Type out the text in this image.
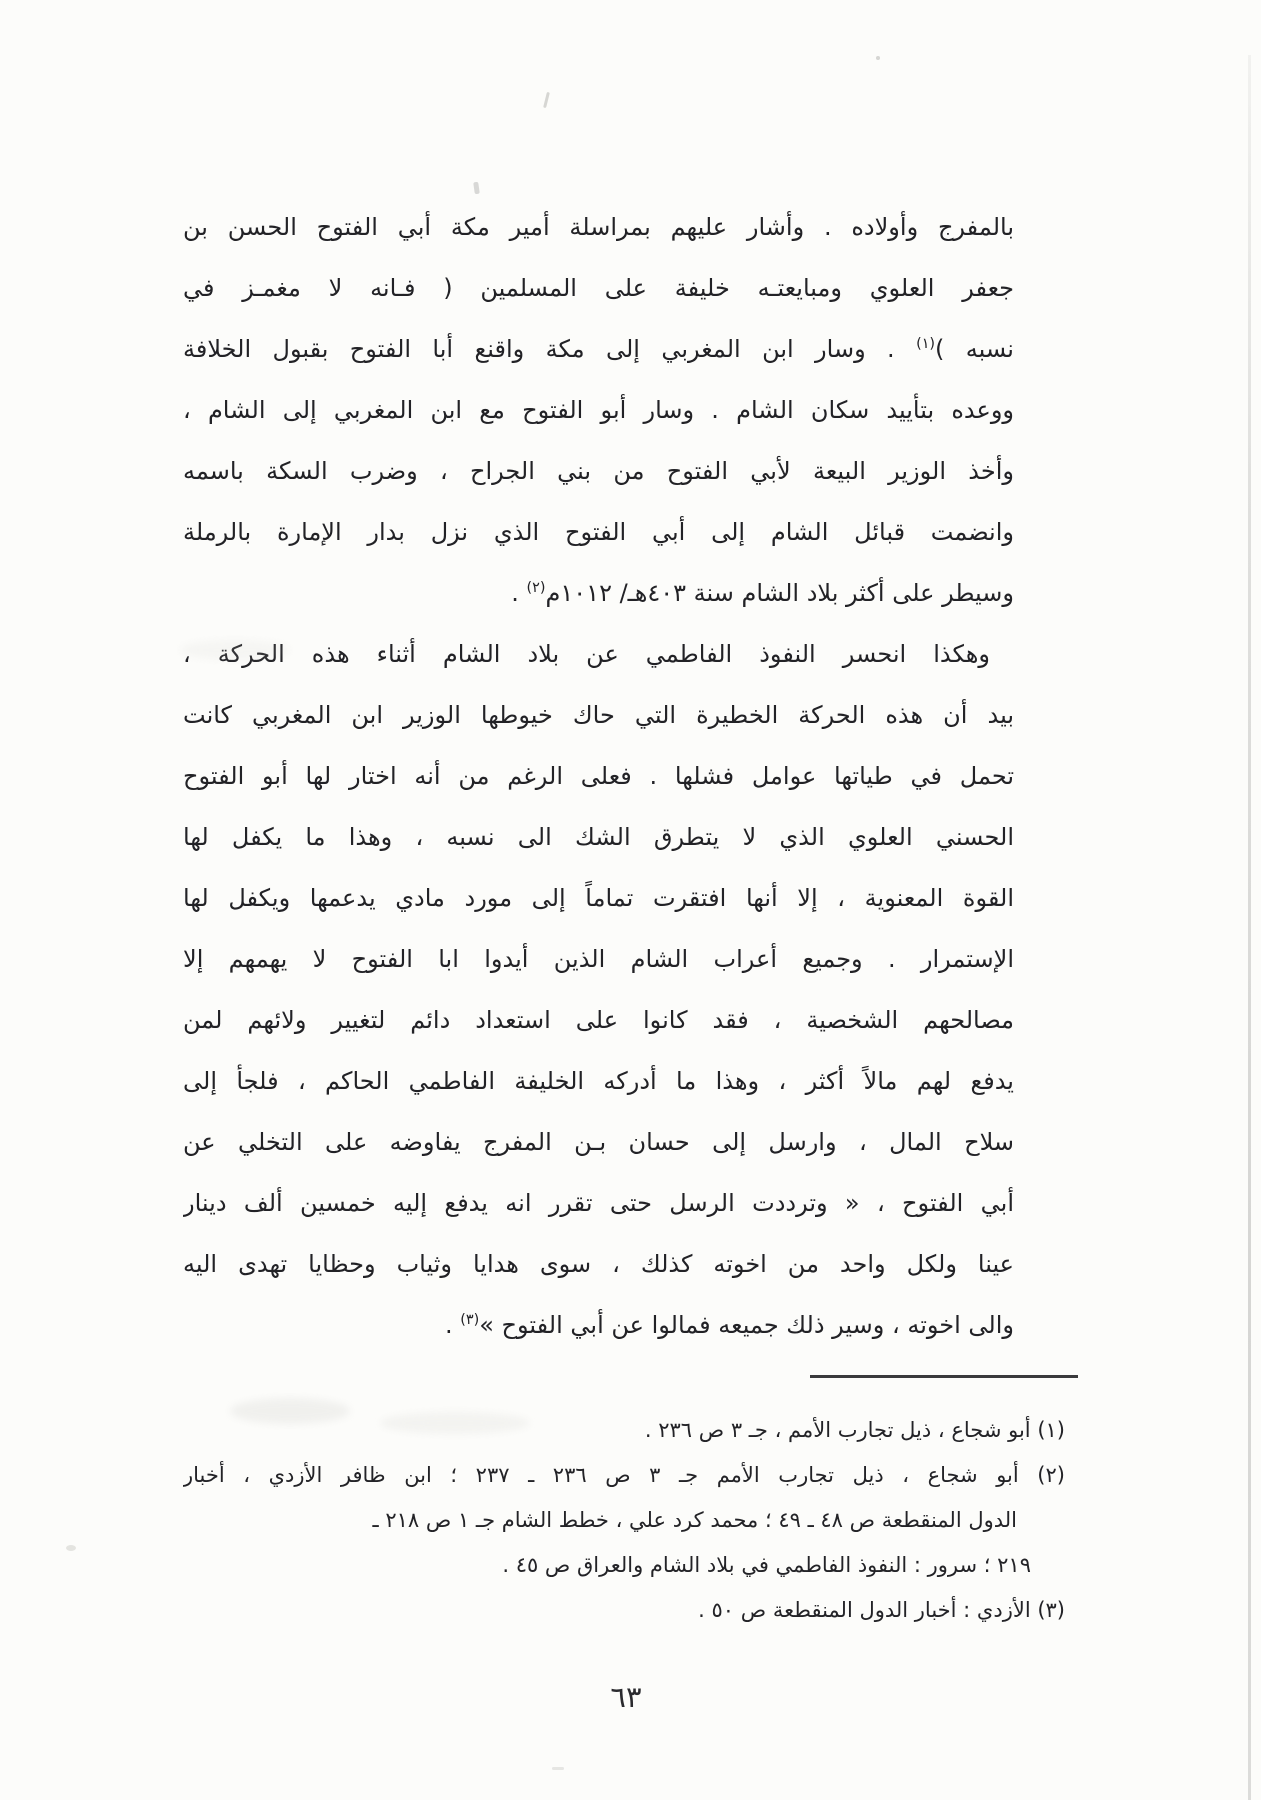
بالمفرج وأولاده . وأشار عليهم بمراسلة أمير مكة أبي الفتوح الحسن بن
جعفر العلوي ومبايعتـه خليفة على المسلمين ( فـانه لا مغمـز في
نسبه )$^{(١)}$ . وسار ابن المغربي إلى مكة واقنع أبا الفتوح بقبول الخلافة
ووعده بتأييد سكان الشام . وسار أبو الفتوح مع ابن المغربي إلى الشام ،
وأخذ الوزير البيعة لأبي الفتوح من بني الجراح ، وضرب السكة باسمه
وانضمت قبائل الشام إلى أبي الفتوح الذي نزل بدار الإمارة بالرملة
وسيطر على أكثر بلاد الشام سنة ٤٠٣هـ/ ١٠١٢م$^{(٢)}$ .
وهكذا انحسر النفوذ الفاطمي عن بلاد الشام أثناء هذه الحركة ،
بيد أن هذه الحركة الخطيرة التي حاك خيوطها الوزير ابن المغربي كانت
تحمل في طياتها عوامل فشلها . فعلى الرغم من أنه اختار لها أبو الفتوح
الحسني العلوي الذي لا يتطرق الشك الى نسبه ، وهذا ما يكفل لها
القوة المعنوية ، إلا أنها افتقرت تماماً إلى مورد مادي يدعمها ويكفل لها
الإستمرار . وجميع أعراب الشام الذين أيدوا ابا الفتوح لا يهمهم إلا
مصالحهم الشخصية ، فقد كانوا على استعداد دائم لتغيير ولائهم لمن
يدفع لهم مالاً أكثر ، وهذا ما أدركه الخليفة الفاطمي الحاكم ، فلجأ إلى
سلاح المال ، وارسل إلى حسان بـن المفرج يفاوضه على التخلي عن
أبي الفتوح ، « وترددت الرسل حتى تقرر انه يدفع إليه خمسين ألف دينار
عينا ولكل واحد من اخوته كذلك ، سوى هدايا وثياب وحظايا تهدى اليه
والى اخوته ، وسير ذلك جميعه فمالوا عن أبي الفتوح »$^{(٣)}$ .
(١) أبو شجاع ، ذيل تجارب الأمم ، جـ ٣ ص ٢٣٦ .
(٢) أبو شجاع ، ذيل تجارب الأمم جـ ٣ ص ٢٣٦ ـ ٢٣٧ ؛ ابن ظافر الأزدي ، أخبار
الدول المنقطعة ص ٤٨ ـ ٤٩ ؛ محمد كرد علي ، خطط الشام جـ ١ ص ٢١٨ ـ
٢١٩ ؛ سرور : النفوذ الفاطمي في بلاد الشام والعراق ص ٤٥ .
(٣) الأزدي : أخبار الدول المنقطعة ص ٥٠ .
٦٣
